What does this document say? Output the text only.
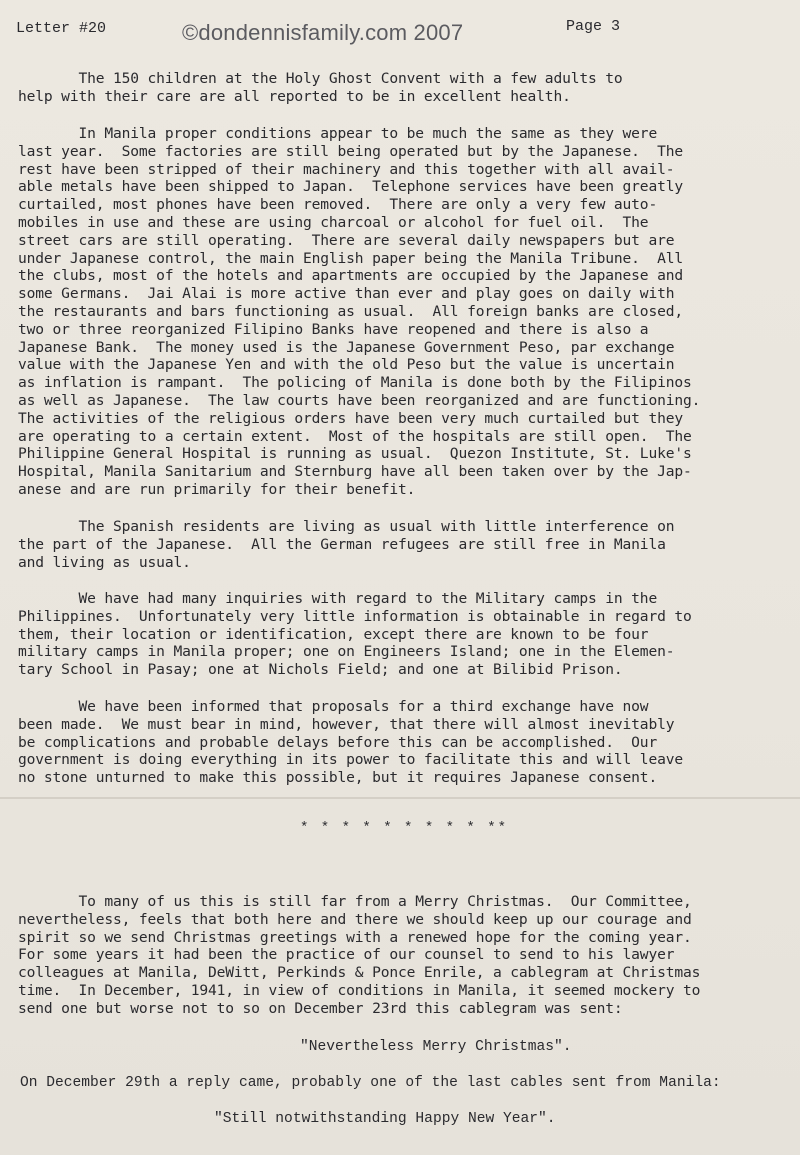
Letter #20	©dondennisfamily.com 2007	Page 3
The 150 children at the Holy Ghost Convent with a few adults to
help with their care are all reported to be in excellent health.
In Manila proper conditions appear to be much the same as they were
last year.  Some factories are still being operated but by the Japanese.  The
rest have been stripped of their machinery and this together with all avail-
able metals have been shipped to Japan.  Telephone services have been greatly
curtailed, most phones have been removed.  There are only a very few auto-
mobiles in use and these are using charcoal or alcohol for fuel oil.  The
street cars are still operating.  There are several daily newspapers but are
under Japanese control, the main English paper being the Manila Tribune.  All
the clubs, most of the hotels and apartments are occupied by the Japanese and
some Germans.  Jai Alai is more active than ever and play goes on daily with
the restaurants and bars functioning as usual.  All foreign banks are closed,
two or three reorganized Filipino Banks have reopened and there is also a
Japanese Bank.  The money used is the Japanese Government Peso, par exchange
value with the Japanese Yen and with the old Peso but the value is uncertain
as inflation is rampant.  The policing of Manila is done both by the Filipinos
as well as Japanese.  The law courts have been reorganized and are functioning.
The activities of the religious orders have been very much curtailed but they
are operating to a certain extent.  Most of the hospitals are still open.  The
Philippine General Hospital is running as usual.  Quezon Institute, St. Luke's
Hospital, Manila Sanitarium and Sternburg have all been taken over by the Jap-
anese and are run primarily for their benefit.
The Spanish residents are living as usual with little interference on
the part of the Japanese.  All the German refugees are still free in Manila
and living as usual.
We have had many inquiries with regard to the Military camps in the
Philippines.  Unfortunately very little information is obtainable in regard to
them, their location or identification, except there are known to be four
military camps in Manila proper; one on Engineers Island; one in the Elemen-
tary School in Pasay; one at Nichols Field; and one at Bilibid Prison.
We have been informed that proposals for a third exchange have now
been made.  We must bear in mind, however, that there will almost inevitably
be complications and probable delays before this can be accomplished.  Our
government is doing everything in its power to facilitate this and will leave
no stone unturned to make this possible, but it requires Japanese consent.
* * * * * * * * * **
To many of us this is still far from a Merry Christmas.  Our Committee,
nevertheless, feels that both here and there we should keep up our courage and
spirit so we send Christmas greetings with a renewed hope for the coming year.
For some years it had been the practice of our counsel to send to his lawyer
colleagues at Manila, DeWitt, Perkinds & Ponce Enrile, a cablegram at Christmas
time.  In December, 1941, in view of conditions in Manila, it seemed mockery to
send one but worse not to so on December 23rd this cablegram was sent:
"Nevertheless Merry Christmas".
On December 29th a reply came, probably one of the last cables sent from Manila:
"Still notwithstanding Happy New Year".
